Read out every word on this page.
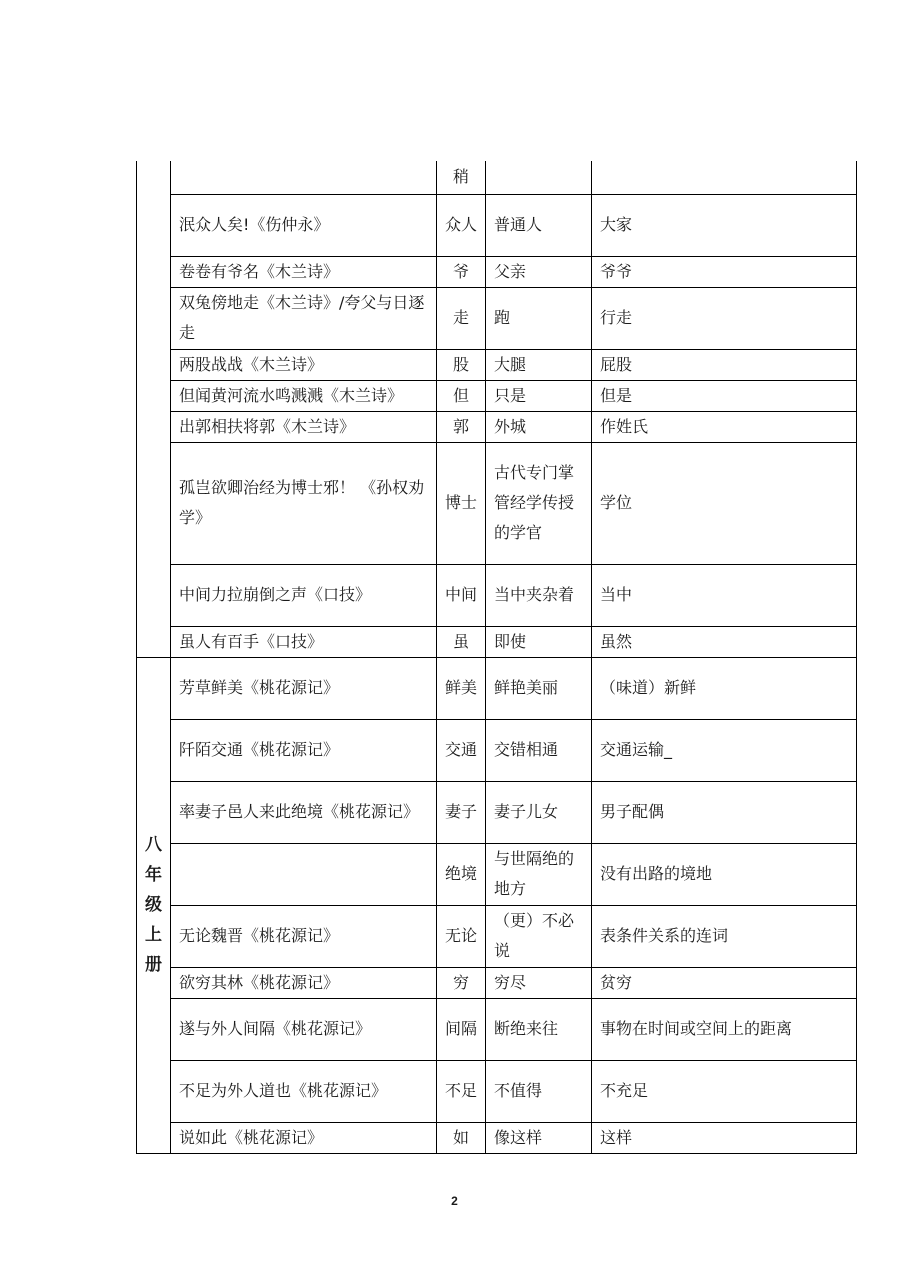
		稍		
	泯众人矣!《伤仲永》	众人	普通人	大家
	卷卷有爷名《木兰诗》	爷	父亲	爷爷
	双兔傍地走《木兰诗》/夸父与日逐走	走	跑	行走
	两股战战《木兰诗》	股	大腿	屁股
	但闻黄河流水鸣溅溅《木兰诗》	但	只是	但是
	出郭相扶将郭《木兰诗》	郭	外城	作姓氏
	孤岂欲卿治经为博士邪！ 《孙权劝学》	博士	古代专门掌管经学传授的学官	学位
	中间力拉崩倒之声《口技》	中间	当中夹杂着	当中
	虽人有百手《口技》	虽	即使	虽然

八年级上册	芳草鲜美《桃花源记》	鲜美	鲜艳美丽	（味道）新鲜
	阡陌交通《桃花源记》	交通	交错相通	交通运输_
	率妻子邑人来此绝境《桃花源记》	妻子	妻子儿女	男子配偶
		绝境	与世隔绝的地方	没有出路的境地
	无论魏晋《桃花源记》	无论	（更）不必说	表条件关系的连词
	欲穷其林《桃花源记》	穷	穷尽	贫穷
	遂与外人间隔《桃花源记》	间隔	断绝来往	事物在时间或空间上的距离
	不足为外人道也《桃花源记》	不足	不值得	不充足
	说如此《桃花源记》	如	像这样	这样
2
